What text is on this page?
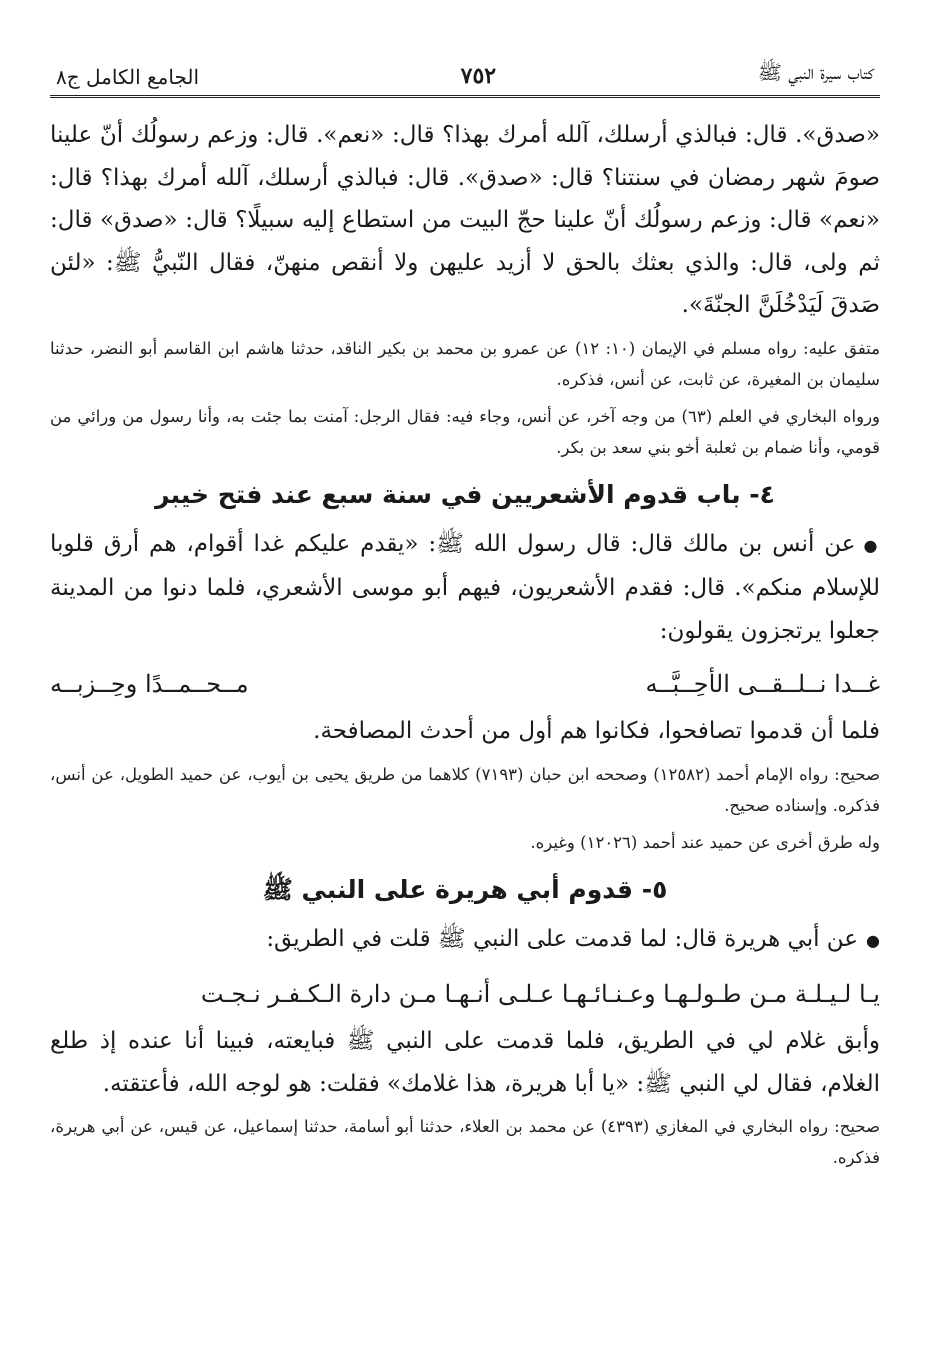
كتاب سيرة النبي ﷺ
٧٥٢
الجامع الكامل ج٨

«صدق». قال: فبالذي أرسلك، آلله أمرك بهذا؟ قال: «نعم». قال: وزعم رسولُك أنّ علينا صومَ شهر رمضان في سنتنا؟ قال: «صدق». قال: فبالذي أرسلك، آلله أمرك بهذا؟ قال: «نعم» قال: وزعم رسولُك أنّ علينا حجّ البيت من استطاع إليه سبيلًا؟ قال: «صدق» قال: ثم ولى، قال: والذي بعثك بالحق لا أزيد عليهن ولا أنقص منهنّ، فقال النّبيُّ ﷺ: «لئن صَدقَ لَيَدْخُلَنَّ الجنّةَ».

متفق عليه: رواه مسلم في الإيمان (١٠: ١٢) عن عمرو بن محمد بن بكير الناقد، حدثنا هاشم ابن القاسم أبو النضر، حدثنا سليمان بن المغيرة، عن ثابت، عن أنس، فذكره.

ورواه البخاري في العلم (٦٣) من وجه آخر، عن أنس، وجاء فيه: فقال الرجل: آمنت بما جئت به، وأنا رسول من ورائي من قومي، وأنا ضمام بن ثعلبة أخو بني سعد بن بكر.

٤- باب قدوم الأشعريين في سنة سبع عند فتح خيبر

●عن أنس بن مالك قال: قال رسول الله ﷺ: «يقدم عليكم غدا أقوام، هم أرق قلوبا للإسلام منكم». قال: فقدم الأشعريون، فيهم أبو موسى الأشعري، فلما دنوا من المدينة جعلوا يرتجزون يقولون:

غــدا نــلــقــى الأحِــبَّــه
مــحــمــدًا وحِــزبــه

فلما أن قدموا تصافحوا، فكانوا هم أول من أحدث المصافحة.

صحيح: رواه الإمام أحمد (١٢٥٨٢) وصححه ابن حبان (٧١٩٣) كلاهما من طريق يحيى بن أيوب، عن حميد الطويل، عن أنس، فذكره. وإسناده صحيح.

وله طرق أخرى عن حميد عند أحمد (١٢٠٢٦) وغيره.

٥- قدوم أبي هريرة على النبي ﷺ

●عن أبي هريرة قال: لما قدمت على النبي ﷺ قلت في الطريق:

يـا لـيـلـة مـن طـولـهـا وعـنـائـهـا عـلـى أنـهـا مـن دارة الـكـفـر نـجـت

وأبق غلام لي في الطريق، فلما قدمت على النبي ﷺ فبايعته، فبينا أنا عنده إذ طلع الغلام، فقال لي النبي ﷺ: «يا أبا هريرة، هذا غلامك» فقلت: هو لوجه الله، فأعتقته.

صحيح: رواه البخاري في المغازي (٤٣٩٣) عن محمد بن العلاء، حدثنا أبو أسامة، حدثنا إسماعيل، عن قيس، عن أبي هريرة، فذكره.
